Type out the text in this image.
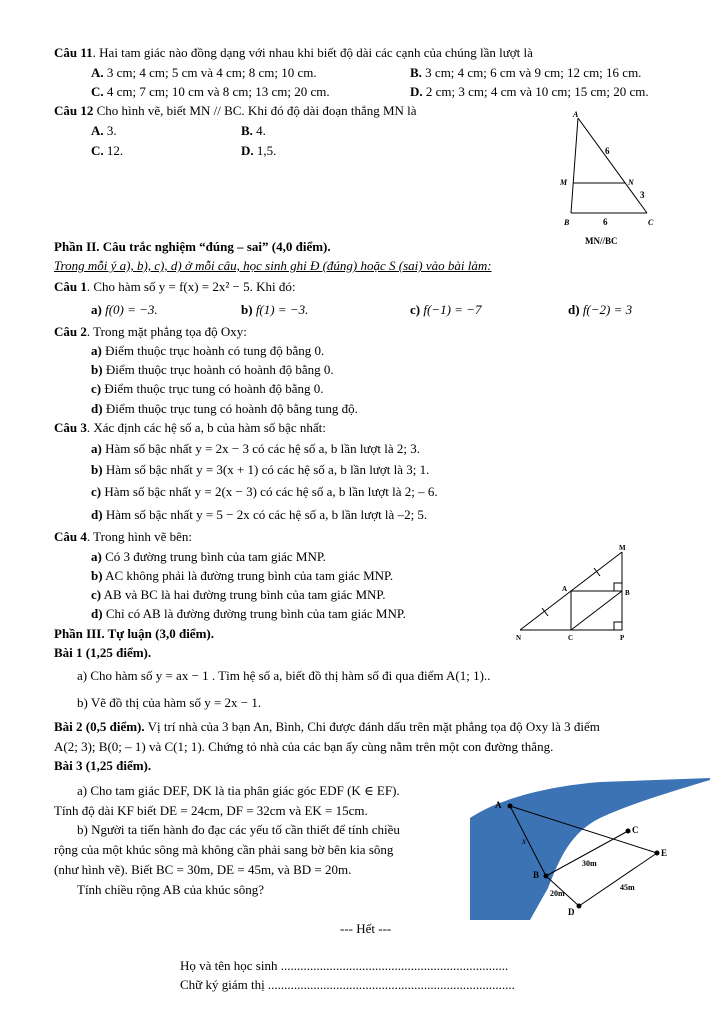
Câu 11. Hai tam giác nào đồng dạng với nhau khi biết độ dài các cạnh của chúng lần lượt là
A. 3 cm; 4 cm; 5 cm và 4 cm; 8 cm; 10 cm.	B. 3 cm; 4 cm; 6 cm và 9 cm; 12 cm; 16 cm.
C. 4 cm; 7 cm; 10 cm và 8 cm; 13 cm; 20 cm.	D. 2 cm; 3 cm; 4 cm và 10 cm; 15 cm; 20 cm.
Câu 12 Cho hình vẽ, biết MN // BC. Khi đó độ dài đoạn thẳng MN là
A. 3.	B. 4.
C. 12.	D. 1,5.
A
M	N
B	C
6
3
6
MN//BC
Phần II. Câu trắc nghiệm “đúng – sai” (4,0 điểm).
Trong mỗi ý a), b), c), d) ở mỗi câu, học sinh ghi Đ (đúng) hoặc S (sai) vào bài làm:
Câu 1. Cho hàm số y = f(x) = 2x² − 5. Khi đó:
a) f(0) = −3.	b) f(1) = −3.	c) f(−1) = −7	d) f(−2) = 3
Câu 2. Trong mặt phẳng tọa độ Oxy:
a) Điểm thuộc trục hoành có tung độ bằng 0.
b) Điểm thuộc trục hoành có hoành độ bằng 0.
c) Điểm thuộc trục tung có hoành độ bằng 0.
d) Điểm thuộc trục tung có hoành độ bằng tung độ.
Câu 3. Xác định các hệ số a, b của hàm số bậc nhất:
a) Hàm số bậc nhất y = 2x − 3 có các hệ số a, b lần lượt là 2; 3.
b) Hàm số bậc nhất y = 3(x + 1) có các hệ số a, b lần lượt là 3; 1.
c) Hàm số bậc nhất y = 2(x − 3) có các hệ số a, b lần lượt là 2; – 6.
d) Hàm số bậc nhất y = 5 − 2x có các hệ số a, b lần lượt là –2; 5.
Câu 4. Trong hình vẽ bên:
a) Có 3 đường trung bình của tam giác MNP.
b) AC không phải là đường trung bình của tam giác MNP.
c) AB và BC là hai đường trung bình của tam giác MNP.
d) Chỉ có AB là đường đường trung bình của tam giác MNP.
M
A	B
N	C	P
Phần III. Tự luận (3,0 điểm).
Bài 1 (1,25 điểm).
a) Cho hàm số y = ax − 1 . Tìm hệ số a, biết đồ thị hàm số đi qua điểm A(1; 1)..
b) Vẽ đồ thị của hàm số y = 2x − 1.
Bài 2 (0,5 điểm). Vị trí nhà của 3 bạn An, Bình, Chi được đánh dấu trên mặt phẳng tọa độ Oxy là 3 điểm
A(2; 3); B(0; – 1) và C(1; 1). Chứng tỏ nhà của các bạn ấy cùng nằm trên một con đường thẳng.
Bài 3 (1,25 điểm).
a) Cho tam giác DEF, DK là tia phân giác góc EDF (K ∈ EF).
Tính độ dài KF biết DE = 24cm, DF = 32cm và EK = 15cm.
b) Người ta tiến hành đo đạc các yếu tố cần thiết để tính chiều
rộng của một khúc sông mà không cần phải sang bờ bên kia sông
(như hình vẽ). Biết BC = 30m, DE = 45m, và BD = 20m.
Tính chiều rộng AB của khúc sông?
A
C
E
B
D
x
30m
45m
20m
--- Hết ---
Họ và tên học sinh ......................................................................
Chữ ký giám thị ............................................................................
